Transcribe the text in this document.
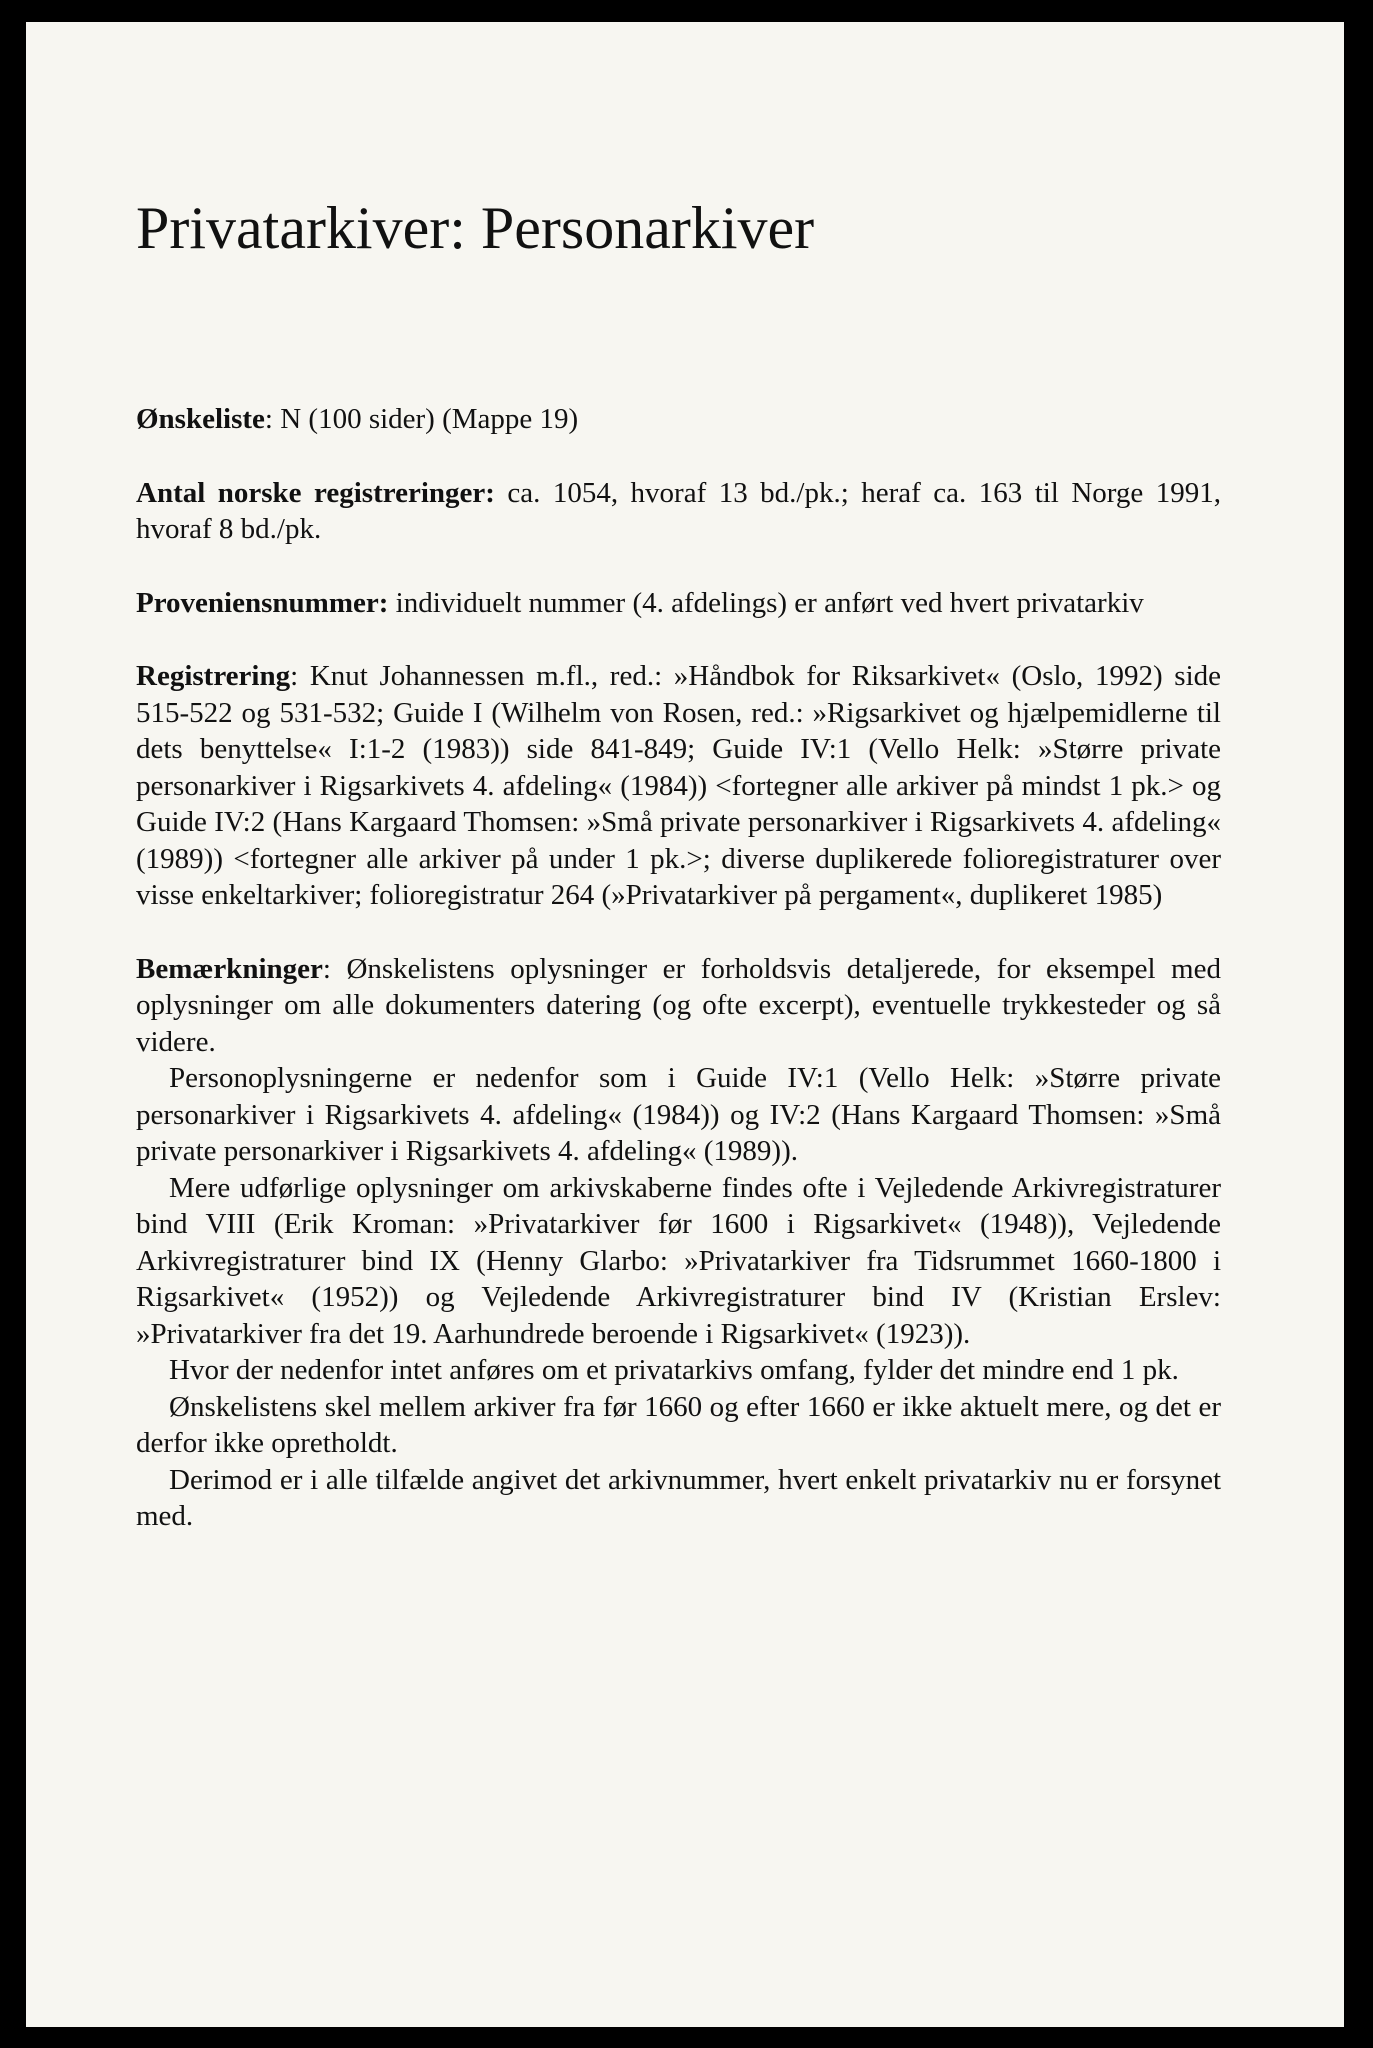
Privatarkiver: Personarkiver

Ønskeliste: N (100 sider) (Mappe 19)

Antal norske registreringer: ca. 1054, hvoraf 13 bd./pk.; heraf ca. 163 til Norge 1991, hvoraf 8 bd./pk.

Proveniensnummer: individuelt nummer (4. afdelings) er anført ved hvert privatarkiv

Registrering: Knut Johannessen m.fl., red.: »Håndbok for Riksarkivet« (Oslo, 1992) side 515-522 og 531-532; Guide I (Wilhelm von Rosen, red.: »Rigsarkivet og hjælpemidlerne til dets benyttelse« I:1-2 (1983)) side 841-849; Guide IV:1 (Vello Helk: »Større private personarkiver i Rigsarkivets 4. afdeling« (1984)) <fortegner alle arkiver på mindst 1 pk.> og Guide IV:2 (Hans Kargaard Thomsen: »Små private personarkiver i Rigsarkivets 4. afdeling« (1989)) <fortegner alle arkiver på under 1 pk.>; diverse duplikerede folioregistraturer over visse enkeltarkiver; folioregistratur 264 (»Privatarkiver på pergament«, duplikeret 1985)

Bemærkninger: Ønskelistens oplysninger er forholdsvis detaljerede, for eksempel med oplysninger om alle dokumenters datering (og ofte excerpt), eventuelle trykkesteder og så videre.

Personoplysningerne er nedenfor som i Guide IV:1 (Vello Helk: »Større private personarkiver i Rigsarkivets 4. afdeling« (1984)) og IV:2 (Hans Kargaard Thomsen: »Små private personarkiver i Rigsarkivets 4. afdeling« (1989)).

Mere udførlige oplysninger om arkivskaberne findes ofte i Vejledende Arkivregistraturer bind VIII (Erik Kroman: »Privatarkiver før 1600 i Rigsarkivet« (1948)), Vejledende Arkivregistraturer bind IX (Henny Glarbo: »Privatarkiver fra Tidsrummet 1660-1800 i Rigsarkivet« (1952)) og Vejledende Arkivregistraturer bind IV (Kristian Erslev: »Privatarkiver fra det 19. Aarhundrede beroende i Rigsarkivet« (1923)).

Hvor der nedenfor intet anføres om et privatarkivs omfang, fylder det mindre end 1 pk.

Ønskelistens skel mellem arkiver fra før 1660 og efter 1660 er ikke aktuelt mere, og det er derfor ikke opretholdt.

Derimod er i alle tilfælde angivet det arkivnummer, hvert enkelt privatarkiv nu er forsynet med.
